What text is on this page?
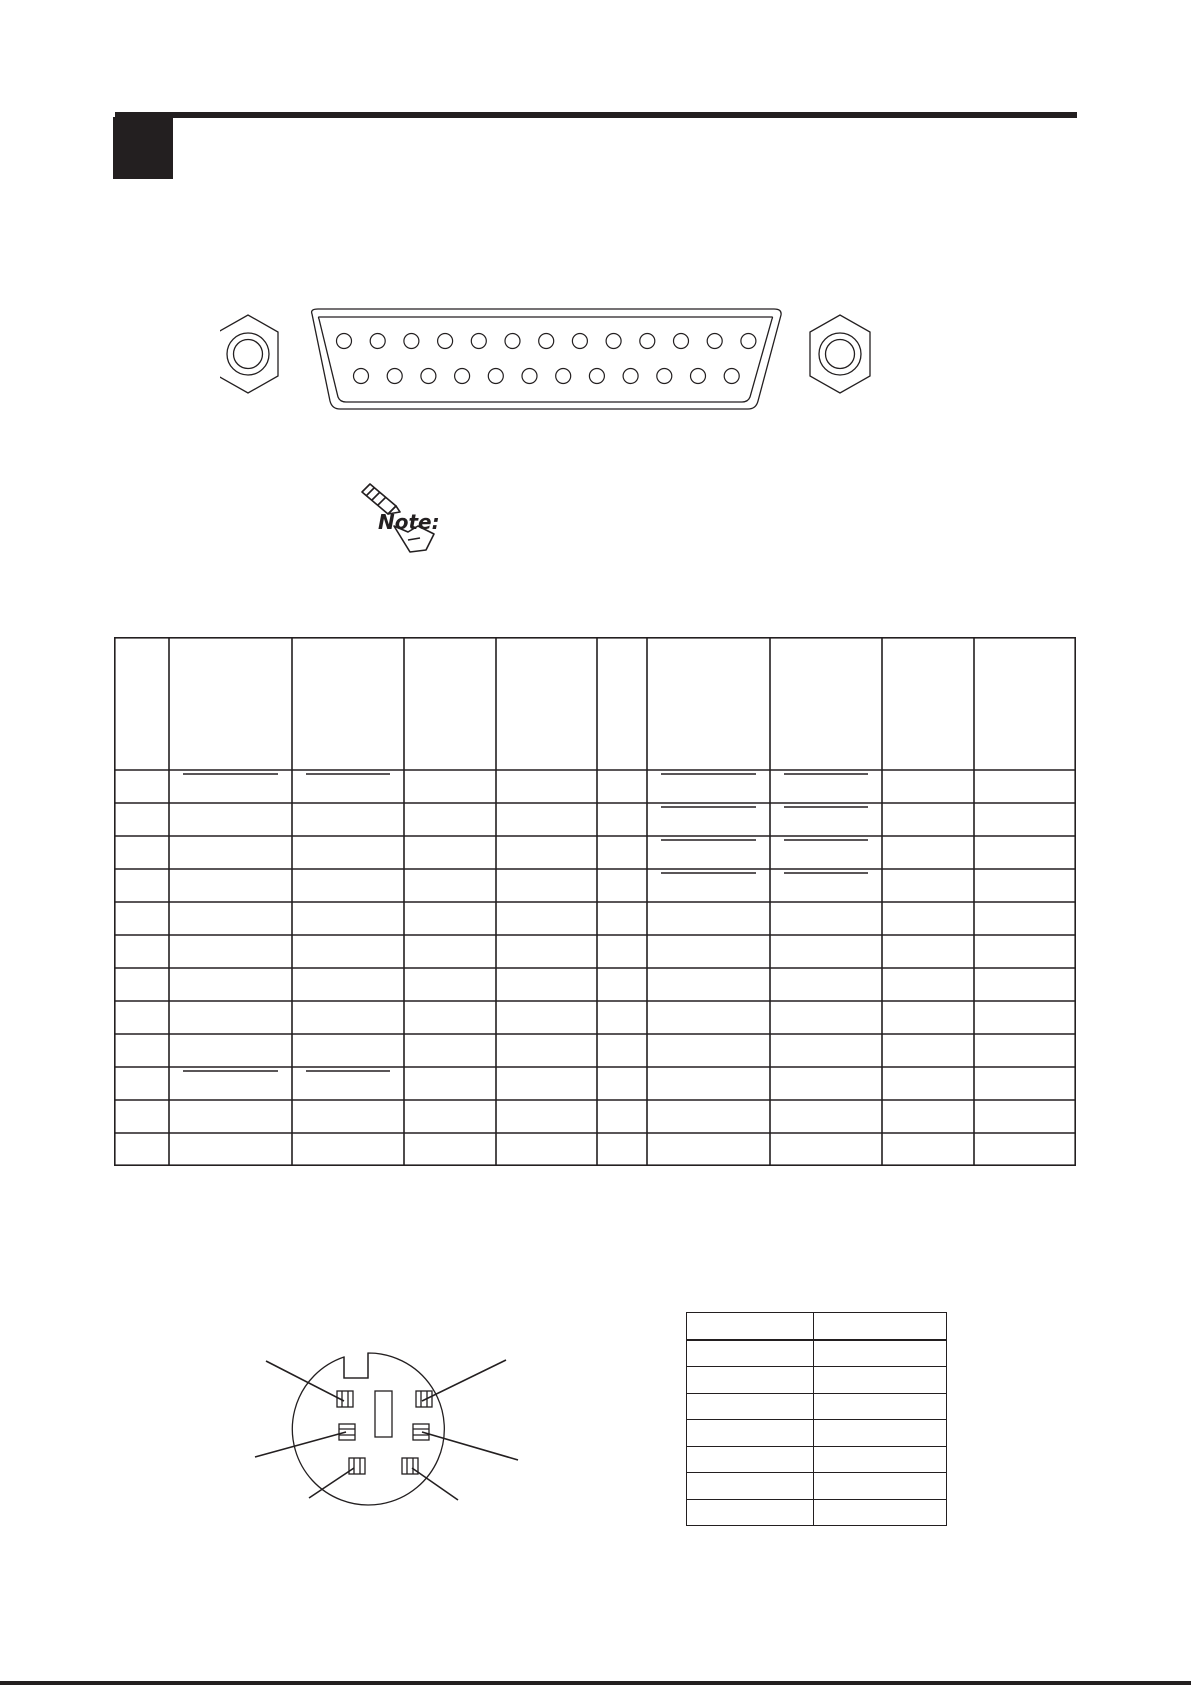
Note:
